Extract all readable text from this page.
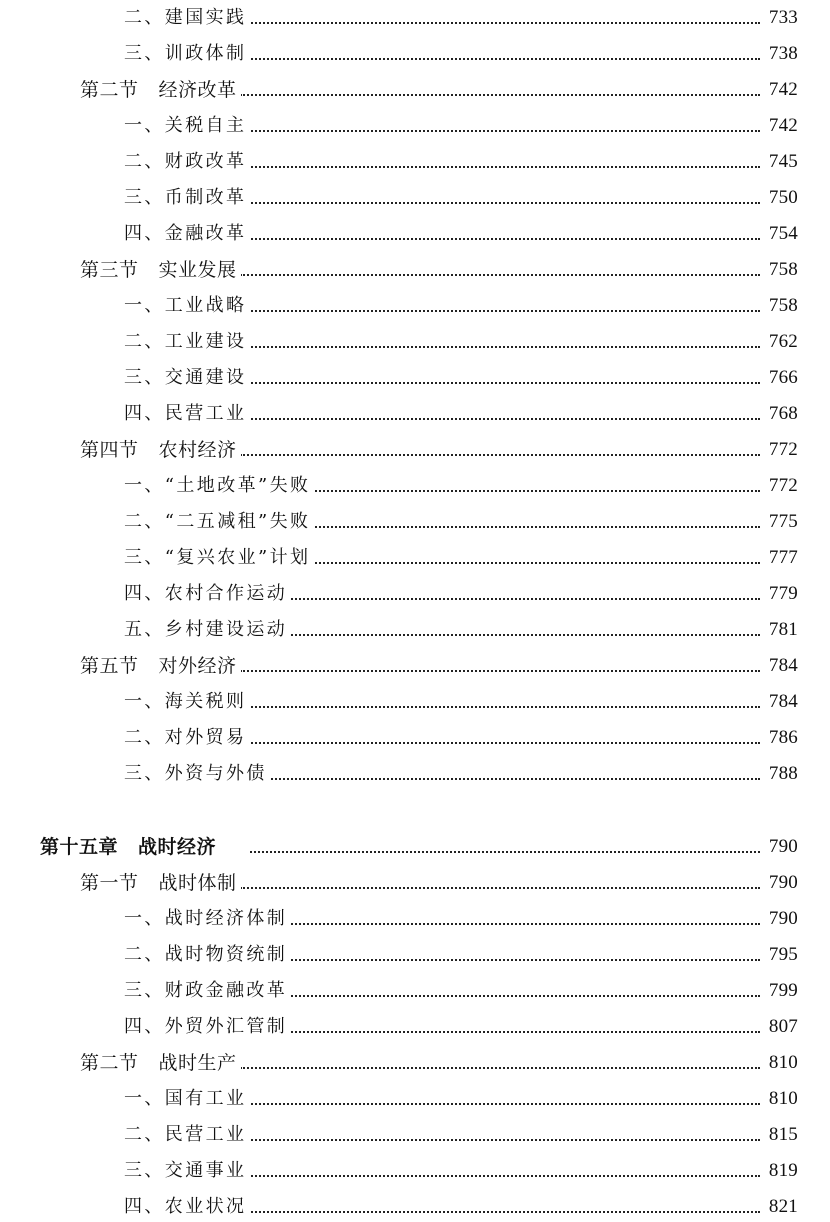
二、建国实践	733
三、训政体制	738
第二节 经济改革	742
一、关税自主	742
二、财政改革	745
三、币制改革	750
四、金融改革	754
第三节 实业发展	758
一、工业战略	758
二、工业建设	762
三、交通建设	766
四、民营工业	768
第四节 农村经济	772
一、“土地改革”失败	772
二、“二五减租”失败	775
三、“复兴农业”计划	777
四、农村合作运动	779
五、乡村建设运动	781
第五节 对外经济	784
一、海关税则	784
二、对外贸易	786
三、外资与外债	788
第十五章 战时经济	790
第一节 战时体制	790
一、战时经济体制	790
二、战时物资统制	795
三、财政金融改革	799
四、外贸外汇管制	807
第二节 战时生产	810
一、国有工业	810
二、民营工业	815
三、交通事业	819
四、农业状况	821
